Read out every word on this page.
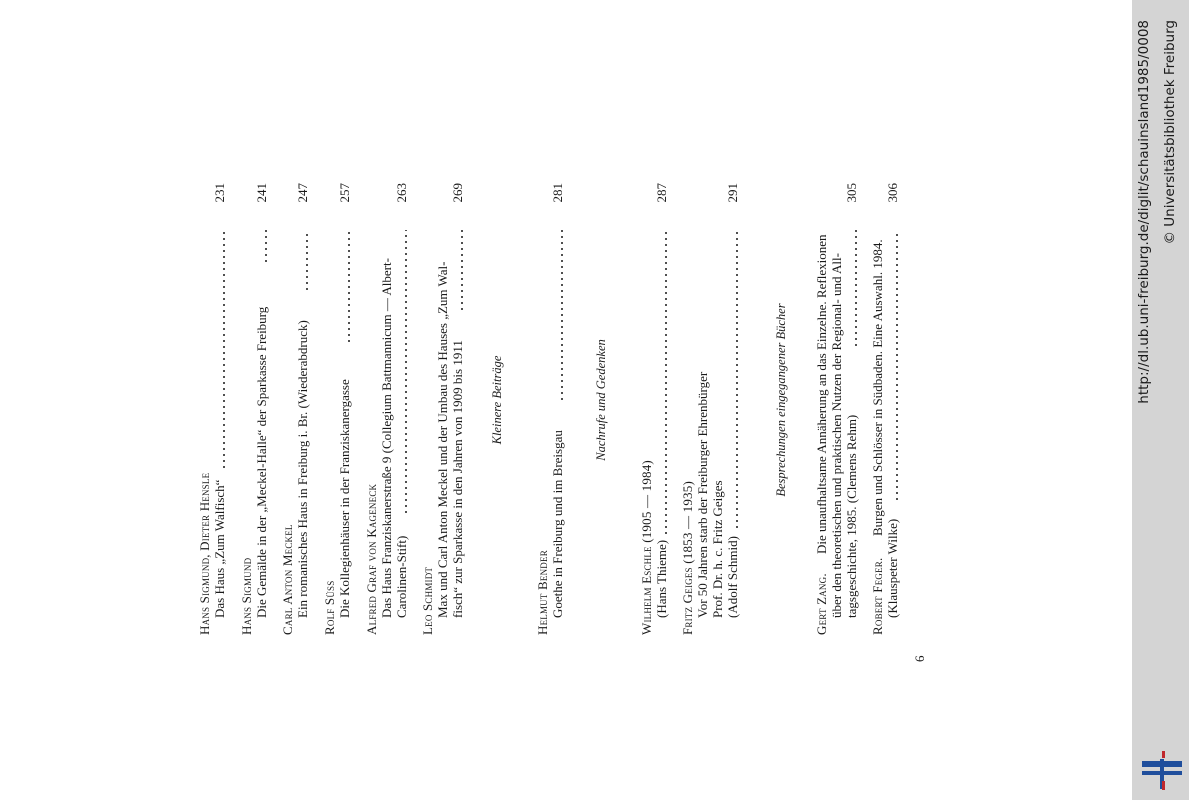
Hans Sigmund, Dieter Hensle Das Haus „Zum Walfisch“
231
Hans Sigmund Die Gemälde in der „Meckel-Halle“ der Sparkasse Freiburg
241
Carl Anton Meckel Ein romanisches Haus in Freiburg i. Br. (Wiederabdruck)
247
Rolf Süss Die Kollegienhäuser in der Franziskanergasse
257
Alfred Graf von Kageneck Das Haus Franziskanerstraße 9 (Collegium Battmannicum — Albert- Carolinen-Stift)
263
Leo Schmidt Max und Carl Anton Meckel und der Umbau des Hauses „Zum Wal- fisch“ zur Sparkasse in den Jahren von 1909 bis 1911
269
Kleinere Beiträge
Helmut Bender Goethe in Freiburg und im Breisgau
281
Nachrufe und Gedenken
Wilhelm Eschle (1905 — 1984) (Hans Thieme)
287
Fritz Geiges (1853 — 1935) Vor 50 Jahren starb der Freiburger Ehrenbürger Prof. Dr. h. c. Fritz Geiges (Adolf Schmid)
291
Besprechungen eingegangener Bücher
Gert Zang.
Die unaufhaltsame Annäherung an das Einzelne. Reflexionen über den theoretischen und praktischen Nutzen der Regional- und All- tagsgeschichte, 1985. (Clemens Rehm)
305
Robert Feger.
Burgen und Schlösser in Südbaden. Eine Auswahl. 1984.
(Klauspeter Wilke)
306
6
http://dl.ub.uni-freiburg.de/diglit/schauinsland1985/0008 © Universitätsbibliothek Freiburg
